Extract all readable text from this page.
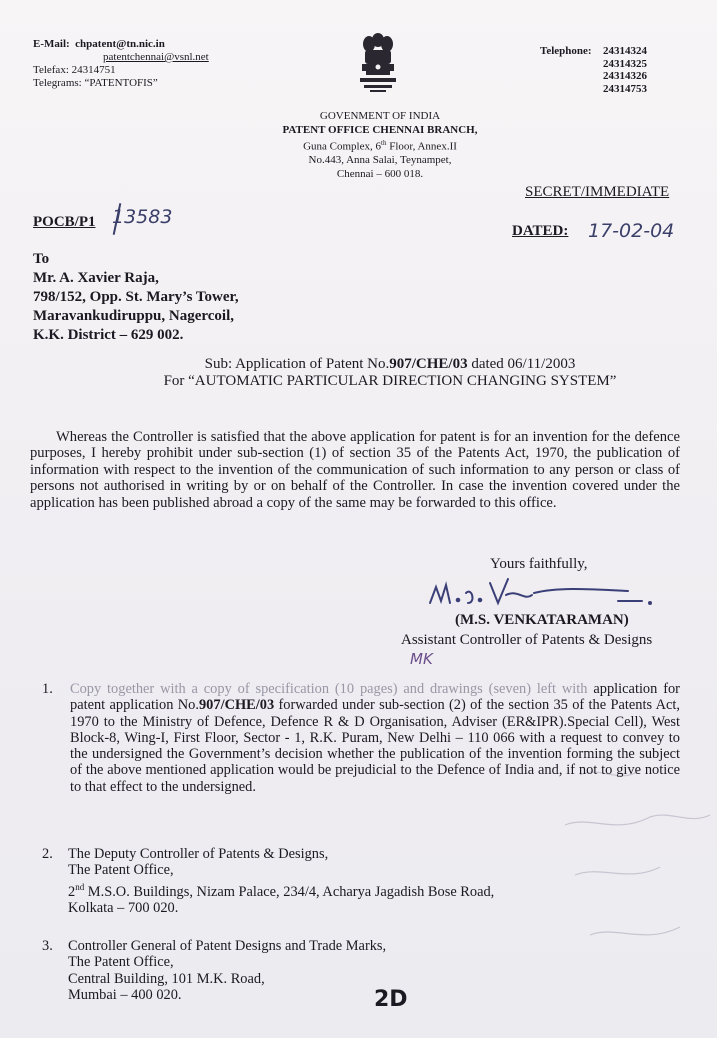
E-Mail: chpatent@tn.nic.in
patentchennai@vsnl.net
Telefax: 24314751
Telegrams: “PATENTOFIS”
Telephone:	24314324
24314325
24314326
24314753
GOVENMENT OF INDIA
PATENT OFFICE CHENNAI BRANCH,
Guna Complex, 6th Floor, Annex.II
No.443, Anna Salai, Teynampet,
Chennai – 600 018.
SECRET/IMMEDIATE
POCB/P1 13583
DATED: 17-02-04
To
Mr. A. Xavier Raja,
798/152, Opp. St. Mary’s Tower,
Maravankudiruppu, Nagercoil,
K.K. District – 629 002.
Sub: Application of Patent No.907/CHE/03 dated 06/11/2003
For “AUTOMATIC PARTICULAR DIRECTION CHANGING SYSTEM”
Whereas the Controller is satisfied that the above application for patent is for an invention for the defence purposes, I hereby prohibit under sub-section (1) of section 35 of the Patents Act, 1970, the publication of information with respect to the invention of the communication of such information to any person or class of persons not authorised in writing by or on behalf of the Controller. In case the invention covered under the application has been published abroad a copy of the same may be forwarded to this office.
Yours faithfully,
M.S. V
(M.S. VENKATARAMAN)
Assistant Controller of Patents & Designs
MK
1. Copy together with a copy of specification (10 pages) and drawings (seven) left with application for patent application No.907/CHE/03 forwarded under sub-section (2) of the section 35 of the Patents Act, 1970 to the Ministry of Defence, Defence R & D Organisation, Adviser (ER&IPR).Special Cell), West Block-8, Wing-I, First Floor, Sector - 1, R.K. Puram, New Delhi – 110 066 with a request to convey to the undersigned the Government’s decision whether the publication of the invention forming the subject of the above mentioned application would be prejudicial to the Defence of India and, if not to give notice to that effect to the undersigned.
2. The Deputy Controller of Patents & Designs,
The Patent Office,
2nd M.S.O. Buildings, Nizam Palace, 234/4, Acharya Jagadish Bose Road,
Kolkata – 700 020.
3. Controller General of Patent Designs and Trade Marks,
The Patent Office,
Central Building, 101 M.K. Road,
Mumbai – 400 020.	2D
